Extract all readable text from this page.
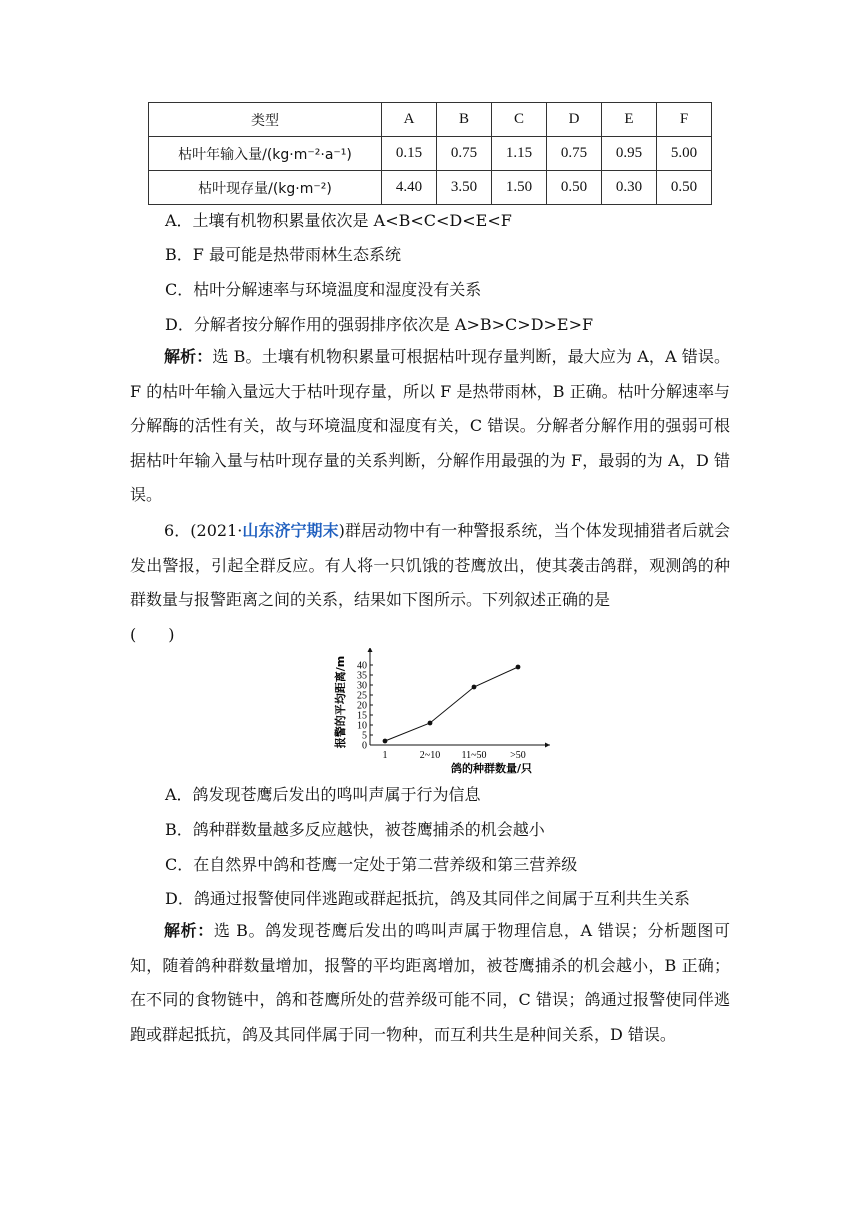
类型	A	B	C	D	E	F
枯叶年输入量/(kg·m⁻²·a⁻¹)	0.15	0.75	1.15	0.75	0.95	5.00
枯叶现存量/(kg·m⁻²)	4.40	3.50	1.50	0.50	0.30	0.50
A．土壤有机物积累量依次是 A<B<C<D<E<F
B．F 最可能是热带雨林生态系统
C．枯叶分解速率与环境温度和湿度没有关系
D．分解者按分解作用的强弱排序依次是 A>B>C>D>E>F
解析：选 B。土壤有机物积累量可根据枯叶现存量判断，最大应为 A，A 错误。F 的枯叶年输入量远大于枯叶现存量，所以 F 是热带雨林，B 正确。枯叶分解速率与分解酶的活性有关，故与环境温度和湿度有关，C 错误。分解者分解作用的强弱可根据枯叶年输入量与枯叶现存量的关系判断，分解作用最强的为 F，最弱的为 A，D 错误。
6．(2021·山东济宁期末)群居动物中有一种警报系统，当个体发现捕猎者后就会发出警报，引起全群反应。有人将一只饥饿的苍鹰放出，使其袭击鸽群，观测鸽的种群数量与报警距离之间的关系，结果如下图所示。下列叙述正确的是
(　　)
0
5
10
15
20
25
30
35
40
1	2~10 11~50 >50
鸽的种群数量/只
报警的平均距离/m
A．鸽发现苍鹰后发出的鸣叫声属于行为信息
B．鸽种群数量越多反应越快，被苍鹰捕杀的机会越小
C．在自然界中鸽和苍鹰一定处于第二营养级和第三营养级
D．鸽通过报警使同伴逃跑或群起抵抗，鸽及其同伴之间属于互利共生关系
解析：选 B。鸽发现苍鹰后发出的鸣叫声属于物理信息，A 错误；分析题图可知，随着鸽种群数量增加，报警的平均距离增加，被苍鹰捕杀的机会越小，B 正确；在不同的食物链中，鸽和苍鹰所处的营养级可能不同，C 错误；鸽通过报警使同伴逃跑或群起抵抗，鸽及其同伴属于同一物种，而互利共生是种间关系，D 错误。
